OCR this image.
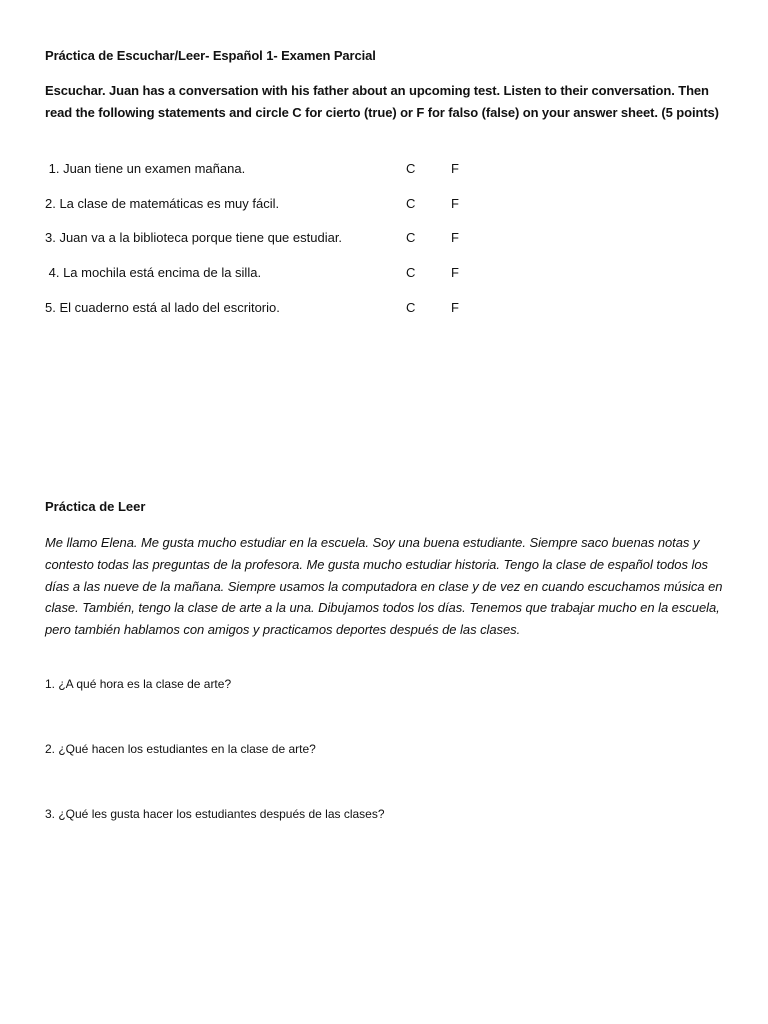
Práctica de Escuchar/Leer- Español 1- Examen Parcial
Escuchar. Juan has a conversation with his father about an upcoming test. Listen to their conversation. Then read the following statements and circle C for cierto (true) or F for falso (false) on your answer sheet. (5 points)
1. Juan tiene un examen mañana.	C	F
2. La clase de matemáticas es muy fácil.	C	F
3. Juan va a la biblioteca porque tiene que estudiar.	C	F
4. La mochila está encima de la silla.	C	F
5. El cuaderno está al lado del escritorio.	C	F
Práctica de Leer
Me llamo Elena. Me gusta mucho estudiar en la escuela. Soy una buena estudiante. Siempre saco buenas notas y contesto todas las preguntas de la profesora. Me gusta mucho estudiar historia. Tengo la clase de español todos los días a las nueve de la mañana. Siempre usamos la computadora en clase y de vez en cuando escuchamos música en clase. También, tengo la clase de arte a la una. Dibujamos todos los días. Tenemos que trabajar mucho en la escuela, pero también hablamos con amigos y practicamos deportes después de las clases.
1. ¿A qué hora es la clase de arte?
2. ¿Qué hacen los estudiantes en la clase de arte?
3. ¿Qué les gusta hacer los estudiantes después de las clases?
